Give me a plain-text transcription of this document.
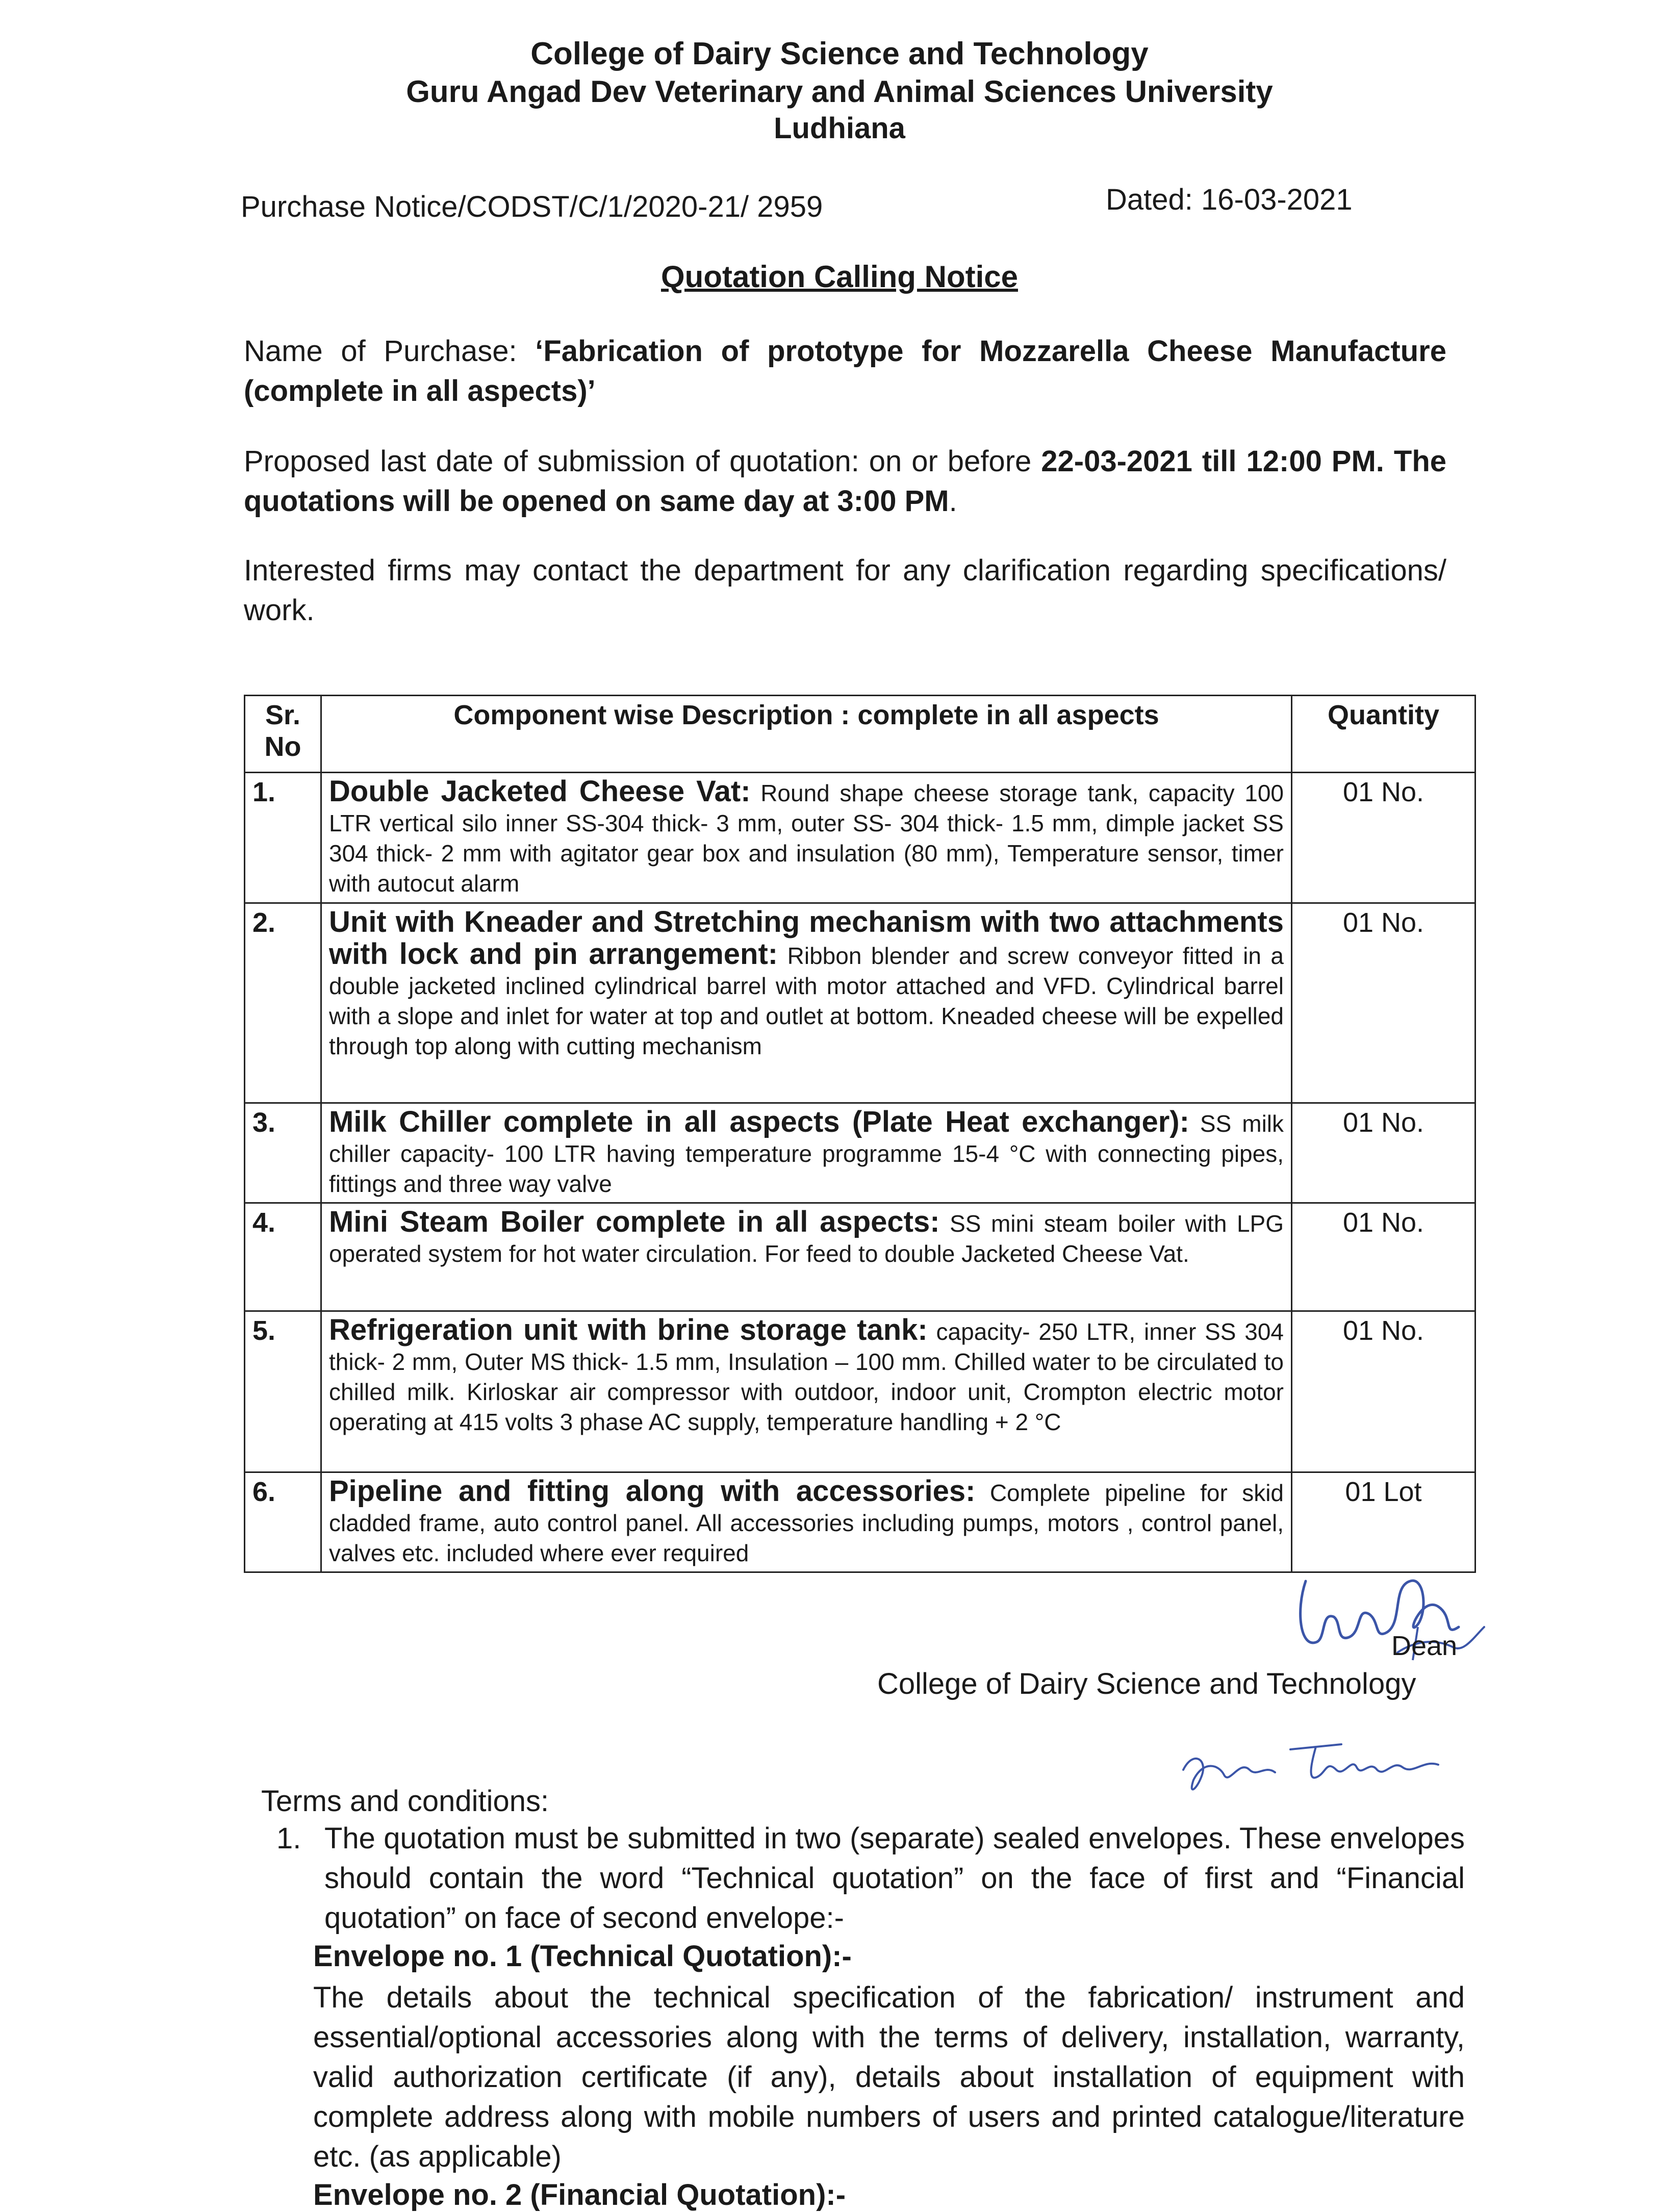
College of Dairy Science and Technology
Guru Angad Dev Veterinary and Animal Sciences University
Ludhiana
Purchase Notice/CODST/C/1/2020-21/ 2959	Dated: 16-03-2021
Quotation Calling Notice
Name of Purchase: ‘Fabrication of prototype for Mozzarella Cheese Manufacture (complete in all aspects)’
Proposed last date of submission of quotation: on or before 22-03-2021 till 12:00 PM. The quotations will be opened on same day at 3:00 PM.
Interested firms may contact the department for any clarification regarding specifications/ work.
Sr. No	Component wise Description : complete in all aspects	Quantity
1.	Double Jacketed Cheese Vat: Round shape cheese storage tank, capacity 100 LTR vertical silo inner SS-304 thick- 3 mm, outer SS- 304 thick- 1.5 mm, dimple jacket SS 304 thick- 2 mm with agitator gear box and insulation (80 mm), Temperature sensor, timer with autocut alarm	01 No.
2.	Unit with Kneader and Stretching mechanism with two attachments with lock and pin arrangement: Ribbon blender and screw conveyor fitted in a double jacketed inclined cylindrical barrel with motor attached and VFD. Cylindrical barrel with a slope and inlet for water at top and outlet at bottom. Kneaded cheese will be expelled through top along with cutting mechanism	01 No.
3.	Milk Chiller complete in all aspects (Plate Heat exchanger): SS milk chiller capacity- 100 LTR having temperature programme 15-4 °C with connecting pipes, fittings and three way valve	01 No.
4.	Mini Steam Boiler complete in all aspects: SS mini steam boiler with LPG operated system for hot water circulation. For feed to double Jacketed Cheese Vat.	01 No.
5.	Refrigeration unit with brine storage tank: capacity- 250 LTR, inner SS 304 thick- 2 mm, Outer MS thick- 1.5 mm, Insulation – 100 mm. Chilled water to be circulated to chilled milk. Kirloskar air compressor with outdoor, indoor unit, Crompton electric motor operating at 415 volts 3 phase AC supply, temperature handling + 2 °C	01 No.
6.	Pipeline and fitting along with accessories: Complete pipeline for skid cladded frame, auto control panel. All accessories including pumps, motors , control panel, valves etc. included where ever required	01 Lot
Dean
College of Dairy Science and Technology
Terms and conditions:
1. The quotation must be submitted in two (separate) sealed envelopes. These envelopes should contain the word “Technical quotation” on the face of first and “Financial quotation” on face of second envelope:-
Envelope no. 1 (Technical Quotation):-
The details about the technical specification of the fabrication/ instrument and essential/optional accessories along with the terms of delivery, installation, warranty, valid authorization certificate (if any), details about installation of equipment with complete address along with mobile numbers of users and printed catalogue/literature etc. (as applicable)
Envelope no. 2 (Financial Quotation):-
